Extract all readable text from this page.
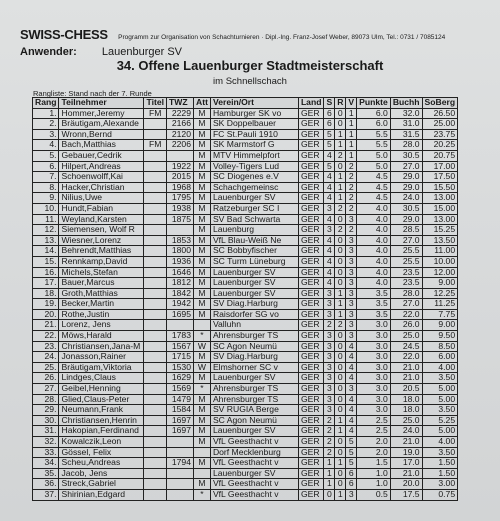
SWISS-CHESS Programm zur Organisation von Schachturnieren · Dipl.-Ing. Franz-Josef Weber, 89073 Ulm, Tel.: 0731 / 7085124
Anwender: Lauenburger SV
34. Offene Lauenburger Stadtmeisterschaft
im Schnellschach
Rangliste: Stand nach der 7. Runde
Rang	Teilnehmer	Titel	TWZ	Att	Verein/Ort	Land	S	R	V	Punkte	Buchh	SoBerg
1.	Hommer,Jeremy	FM	2229	M	Hamburger SK vo	GER	6	0	1	6.0	32.0	26.50
2.	Bräutigam,Alexande		2166	M	SK Doppelbauer	GER	6	0	1	6.0	31.0	25.00
3.	Wronn,Bernd		2120	M	FC St.Pauli 1910	GER	5	1	1	5.5	31.5	23.75
4.	Bach,Matthias	FM	2206	M	SK Marmstorf G	GER	5	1	1	5.5	28.0	20.25
5.	Gebauer,Cedrik			M	MTV Himmelpfort	GER	4	2	1	5.0	30.5	20.75
6.	Hilpert,Andreas		1922	M	Volley-Tigers Lud	GER	5	0	2	5.0	27.0	17.00
7.	Schoenwolff,Kai		2015	M	SC Diogenes e.V	GER	4	1	2	4.5	29.0	17.50
8.	Hacker,Christian		1968	M	Schachgemeinsc	GER	4	1	2	4.5	29.0	15.50
9.	Nilius,Uwe		1795	M	Lauenburger SV	GER	4	1	2	4.5	24.0	13.00
10.	Hundt,Fabian		1938	M	Ratzeburger SC I	GER	3	2	2	4.0	30.5	15.00
11.	Weyland,Karsten		1875	M	SV Bad Schwarta	GER	4	0	3	4.0	29.0	13.00
12.	Siemensen, Wolf R			M	Lauenburg	GER	3	2	2	4.0	28.5	15.25
13.	Wiesner,Lorenz		1853	M	VfL Blau-Weiß Ne	GER	4	0	3	4.0	27.0	13.50
14.	Behrendt,Matthias		1800	M	SC Bobbyfischer	GER	4	0	3	4.0	25.5	11.00
15.	Rennkamp,David		1936	M	SC Turm Lüneburg	GER	4	0	3	4.0	25.5	10.00
16.	Michels,Stefan		1646	M	Lauenburger SV	GER	4	0	3	4.0	23.5	12.00
17.	Bauer,Marcus		1812	M	Lauenburger SV	GER	4	0	3	4.0	23.5	9.00
18.	Groth,Matthias		1842	M	Lauenburger SV	GER	3	1	3	3.5	28.0	12.25
19.	Becker,Martin		1942	M	SV Diag.Harburg	GER	3	1	3	3.5	27.0	11.25
20.	Rothe,Justin		1695	M	Raisdorfer SG vo	GER	3	1	3	3.5	22.0	7.75
21.	Lorenz, Jens				Valluhn	GER	2	2	3	3.0	26.0	9.00
22.	Möws,Harald		1783	*	Ahrensburger TS	GER	3	0	3	3.0	25.0	9.50
23.	Christiansen,Jana-M		1567	W	SC Agon Neumü	GER	3	0	4	3.0	24.5	8.50
24.	Jonasson,Rainer		1715	M	SV Diag.Harburg	GER	3	0	4	3.0	22.0	6.00
25.	Bräutigam,Viktoria		1530	W	Elmshorner SC v	GER	3	0	4	3.0	21.0	4.00
26.	Lindges,Claus		1629	M	Lauenburger SV	GER	3	0	4	3.0	21.0	3.50
27.	Geibel,Henning		1569	*	Ahrensburger TS	GER	3	0	3	3.0	20.5	5.00
28.	Glied,Claus-Peter		1479	M	Ahrensburger TS	GER	3	0	4	3.0	18.0	5.00
29.	Neumann,Frank		1584	M	SV RUGIA Berge	GER	3	0	4	3.0	18.0	3.50
30.	Christiansen,Henrin		1697	M	SC Agon Neumü	GER	2	1	4	2.5	25.0	5.25
31.	Hakopian,Ferdinand		1697	M	Lauenburger SV	GER	2	1	4	2.5	24.0	5.00
32.	Kowalczik,Leon			M	VfL Geesthacht v	GER	2	0	5	2.0	21.0	4.00
33.	Gössel, Felix				Dorf Mecklenburg	GER	2	0	5	2.0	19.0	3.50
34.	Scheu,Andreas		1794	M	VfL Geesthacht v	GER	1	1	5	1.5	17.0	1.50
35.	Jacob, Jens				Lauenburger SV	GER	1	0	6	1.0	21.0	1.50
36.	Streck,Gabriel			M	VfL Geesthacht v	GER	1	0	6	1.0	20.0	3.00
37.	Shirinian,Edgard			*	VfL Geesthacht v	GER	0	1	3	0.5	17.5	0.75
